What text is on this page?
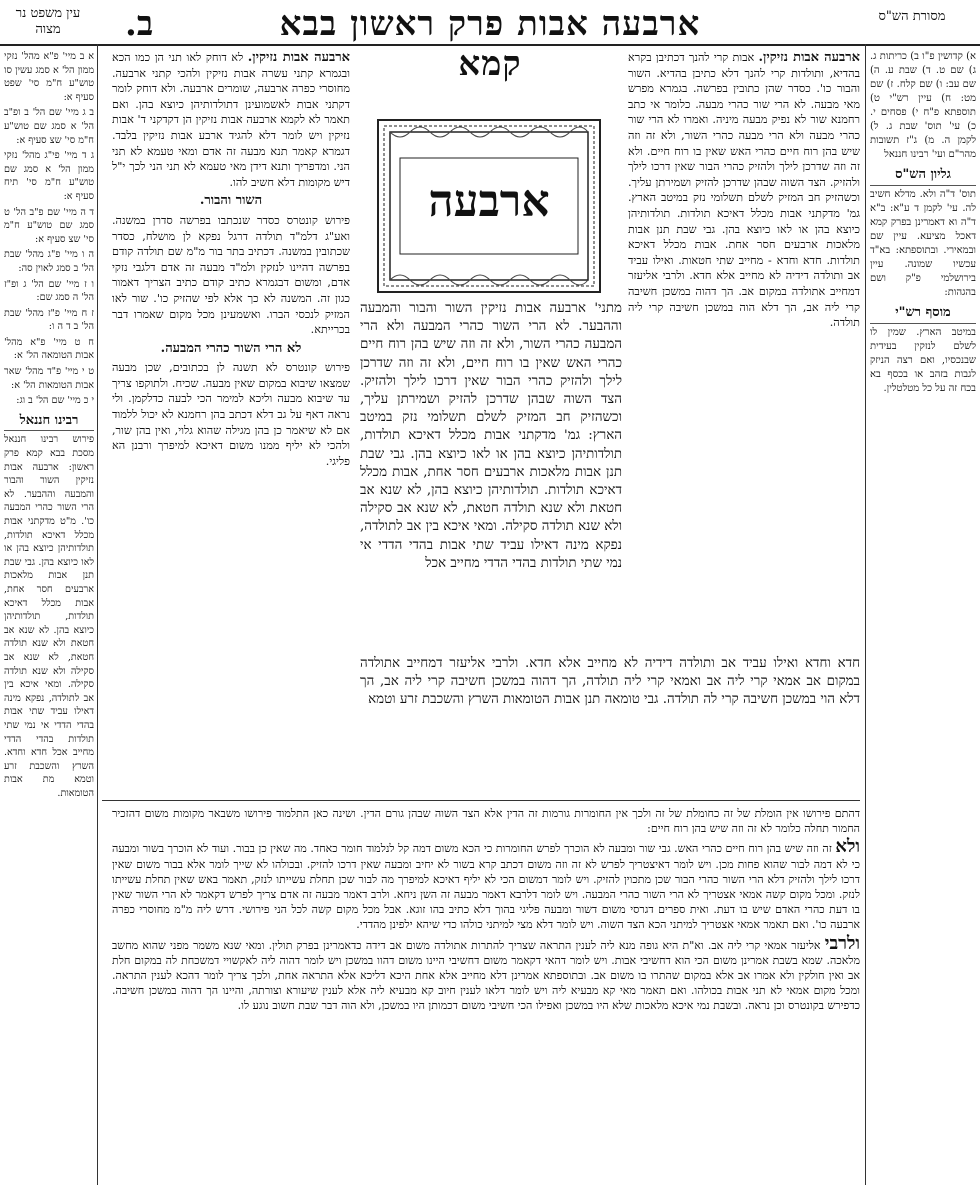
עין משפט נר מצוה	ב.	ארבעה אבות פרק ראשון בבא קמא
מסורת הש"ס

א) קדושין פ"ו ב) כריתות ג. ג) שם ט. ד) שבת ע. ה) שם עב: ו) שם קלח. ז) שם מט: ח) עיין רש"י ט) תוספתא פ"ח י) פסחים י. כ) עי' תוס' שבת ג. ל) לקמן ה. מ) ג"ז תשובות מהר"ם ועי' רבינו חננאל

גליון הש"ס

תוס' ד"ה ולא. מדלא חשיב לה. עי' לקמן ד ע"א: ב"א ד"ה וא דאמרינן בפרק קמא דאכל מציעא. עיין שם ובמאירי. ובתוספתא: בא"ד עכשיו שמונה. עיין בירושלמי פ"ק ושם בהגהות:

מוסף רש"י

במיטב הארץ. שמין לו לשלם לנזקין בעידית שבנכסיו, ואם רצה הניזק לגבות בזהב או בכסף בא בכח זה על כל מטלטלין.

א ב מיי' פ"א מהל' נזקי ממון הל' א סמג עשין סו טוש"ע ח"מ סי' שפט סעיף א:

ב ג מיי' שם הל' ב ופ"ב הל' א סמג שם טוש"ע ח"מ סי' שצ סעיף א:

ג ד מיי' פי"ג מהל' נזקי ממון הל' א סמג שם טוש"ע ח"מ סי' תיח סעיף א:

ד ה מיי' שם פ"ב הל' ט סמג שם טוש"ע ח"מ סי' שצ סעיף א:

ה ו מיי' פ"ג מהל' שבת הל' ב סמג לאוין סה:

ו ז מיי' שם הל' ג ופ"ז הל' ה סמג שם:

ז ח מיי' פ"ז מהל' שבת הל' ב ד ה ו:

ח ט מיי' פ"א מהל' אבות הטומאה הל' א:

ט י מיי' פ"ד מהל' שאר אבות הטומאות הל' א:

י כ מיי' שם הל' ב וג:

רבינו חננאל

פירוש רבינו חננאל מסכת בבא קמא פרק ראשון: ארבעה אבות נזיקין השור והבור והמבעה וההבער. לא הרי השור כהרי המבעה כו'. מ"ט מדקתני אבות מכלל דאיכא תולדות, תולדותיהן כיוצא בהן או לאו כיוצא בהן. גבי שבת תנן אבות מלאכות ארבעים חסר אחת, אבות מכלל דאיכא תולדות, תולדותיהן כיוצא בהן. לא שנא אב חטאת ולא שנא תולדה חטאת, לא שנא אב סקילה ולא שנא תולדה סקילה. ומאי איכא בין אב לתולדה, נפקא מינה דאילו עביד שתי אבות בהדי הדדי אי נמי שתי תולדות בהדי הדדי מחייב אכל חדא וחדא. השרץ והשכבת זרע וטמא מת אבות הטומאות.

ארבעה אבות נזיקין. אבות קרי להנך דכתיבן בקרא בהדיא, ותולדות קרי להנך דלא כתיבן בהדיא. השור והבור כו'. כסדר שהן כתובין בפרשה. בגמרא מפרש מאי מבעה. לא הרי שור כהרי מבעה. כלומר אי כתב רחמנא שור לא נפיק מבעה מיניה. ואמרו לא הרי שור כהרי מבעה ולא הרי מבעה כהרי השור, ולא זה וזה שיש בהן רוח חיים כהרי האש שאין בו רוח חיים. ולא זה וזה שדרכן לילך ולהזיק כהרי הבור שאין דרכו לילך ולהזיק. הצד השוה שבהן שדרכן להזיק ושמירתן עליך. וכשהזיק חב המזיק לשלם תשלומי נזק במיטב הארץ. גמ' מדקתני אבות מכלל דאיכא תולדות. תולדותיהן כיוצא בהן או לאו כיוצא בהן. גבי שבת תנן אבות מלאכות ארבעים חסר אחת. אבות מכלל דאיכא תולדות. חדא וחדא - מחייב שתי חטאות. ואילו עביד אב ותולדה דידיה לא מחייב אלא חדא. ולרבי אליעזר דמחייב אתולדה במקום אב. הך דהוה במשכן חשיבה קרי ליה אב, הך דלא הוה במשכן חשיבה קרי ליה תולדה.
ארבעה אבות נזיקין. לא דוחק לאו תני הן כמו הכא ובגמרא קתני עשרה אבות נזיקין ולהכי קתני ארבעה. מחוסרי כפרה ארבעה, שומרים ארבעה. ולא דוחק לומר דקתני אבות לאשמועינן דתולדותיהן כיוצא בהן. ואם תאמר לא לקמא ארבעה אבות נזיקין הן דקדקני ד' אבות נזיקין ויש לומר דלא להגיד ארבע אבות נזיקין בלבד. דגמרא קאמר תנא מבעה זה אדם ומאי טעמא לא תני הני. ומדפריך ותנא דידן מאי טעמא לא תני הני לכך י"ל דיש מקומות דלא חשיב להו.
השור והבור.

פירוש קונטרס כסדר שנכתבו בפרשה סדרן במשנה. ואע"ג דלמ"ד תולדה דרגל נפקא לן מושלח, כסדר שכתובין במשנה. דכתיב בתר בור מ"מ שם תולדה קודם בפרשה דהיינו לנזקין ולמ"ד מבעה זה אדם דלגבי נזקי אדם, ומשום דבגמרא כתיב קודם כתיב הצריך דאמור כגון זה. המשנה לא כך אלא לפי שהזיק כו'. שור לאו המזיק לנכסי הברו. ואשמעינן מכל מקום שאמרו דבר בכרייתא.

לא הרי השור כהרי המבעה.

פירוש קונטרס לא תשנה לן בכתובים, שכן מבעה שמצאו שיבוא במקום שאין מבעה. שכיח. ולתוקפו צריך עד שיבוא מבעה וליכא למימר הכי לבעה כדלקמן. ולי נראה דאף על גב דלא דכתב בהן רחמנא לא יכול ללמוד אם לא שיאמר כן בהן מגילה שהוא גלוי, ואין בהן שור, ולהכי לא יליף ממנו משום דאיכא למיפרך ורבנן הא פליגי.

ארבעה
מתני' ארבעה אבות נזיקין השור והבור והמבעה וההבער. לא הרי השור כהרי המבעה ולא הרי המבעה כהרי השור, ולא זה וזה שיש בהן רוח חיים כהרי האש שאין בו רוח חיים, ולא זה וזה שדרכן לילך ולהזיק כהרי הבור שאין דרכו לילך ולהזיק. הצד השוה שבהן שדרכן להזיק ושמירתן עליך, וכשהזיק חב המזיק לשלם תשלומי נזק במיטב הארץ: גמ' מדקתני אבות מכלל דאיכא תולדות, תולדותיהן כיוצא בהן או לאו כיוצא בהן. גבי שבת תנן אבות מלאכות ארבעים חסר אחת, אבות מכלל דאיכא תולדות. תולדותיהן כיוצא בהן, לא שנא אב חטאת ולא שנא תולדה חטאת, לא שנא אב סקילה ולא שנא תולדה סקילה. ומאי איכא בין אב לתולדה, נפקא מינה דאילו עביד שתי אבות בהדי הדדי אי נמי שתי תולדות בהדי הדדי מחייב אכל
חדא וחדא ואילו עביד אב ותולדה דידיה לא מחייב אלא חדא. ולרבי אליעזר דמחייב אתולדה במקום אב אמאי קרי ליה אב ואמאי קרי ליה תולדה, הך דהוה במשכן חשיבה קרי ליה אב, הך דלא הוי במשכן חשיבה קרי לה תולדה. גבי טומאה תנן אבות הטומאות השרץ והשכבת זרע וטמא

דהתם פירושו אין הומלת של זה כחומלת של זה ולכך אין החומרות גורמות זה הדין אלא הצד השוה שבהן גורם הדין. ושינה כאן התלמוד פירושו משבאר מקומות משום דהזכיר החמור תחלה כלומר לא זה וזה שיש בהן רוח חיים:

ולא זה וזה שיש בהן רוח חיים כהרי האש. גבי שור ומבעה לא הוכרך לפרש החומרות כי הכא משום דמה קל לנלמוד חומר כאחד. מה שאין כן בבור. ועוד לא הוכרך בשור ומבעה כי לא דמה לבור שהוא פחות מכן. ויש לומר דאיצטריך לפרש לא זה וזה משום דכתב קרא בשור לא יחיב ומבעה שאין דרכו להזיק. ובכולהו לא שייך לומר אלא בבור משום שאין דרכו לילך ולהזיק דלא הרי השור כהרי הבור שכן מתכוין להזיק. ויש לומר דמשום הכי לא יליף דאיכא למיפרך מה לבור שכן תחלת עשייתו לנזק, תאמר באש שאין תחלת עשייתו לנזק. ומכל מקום קשה אמאי אצטריך לא הרי השור כהרי המבעה. ויש לומר דלרבא דאמר מבעה זה השן ניחא. ולרב דאמר מבעה זה אדם צריך לפרש דקאמר לא הרי השור שאין בו דעת כהרי האדם שיש בו דעת. ואית ספרים דגרסי משום דשור ומבעה פליגי בהוך דלא כתיב בהו זוגא. אבל מכל מקום קשה לכל הני פירושי. דרש ליה מ"מ מחוסרי כפרה ארבעה כו'. ואם תאמר אמאי אצטריך למיתני הכא הצד השוה. ויש לומר דלא מצי למיתני כולהו כדי שיהא ילפינן מהדדי.

ולרבי אליעזר אמאי קרי ליה אב. וא"ת היא גופה מנא ליה לענין התראה שצריך להתרות אתולדה משום אב דידה כדאמרינן בפרק תולין. ומאי שנא משמר מפני שהוא מחשב מלאכה. שמא בשבת אמרינן משום הכי הוא דחשיבי אבות. ויש לומר דהאי דקאמר משום דחשיבי היינו משום דהוו במשכן ויש לומר דהוה ליה לאקשויי דמשכחת לה במקום חלת אב ואין חולקין ולא אמרו אב אלא במקום שהתרו בו משום אב. ובתוספתא אמרינן דלא מחייב אלא אחת היכא דליכא אלא התראה אחת, ולכך צריך לומר דהכא לענין התראה. ומכל מקום אמאי לא תני אבות בכולהו. ואם תאמר מאי קא מבעיא ליה ויש לומר דלאו לענין חיוב קא מבעיא ליה אלא לענין שיעורא וצורתה, והיינו הך דהוה במשכן חשיבה. כדפירש בקונטרס וכן נראה. ובשבת נמי איכא מלאכות שלא היו במשכן ואפילו הכי חשיבי משום דכמותן היו במשכן, ולא הוה דבר שבת חשוב נוגע לו.
